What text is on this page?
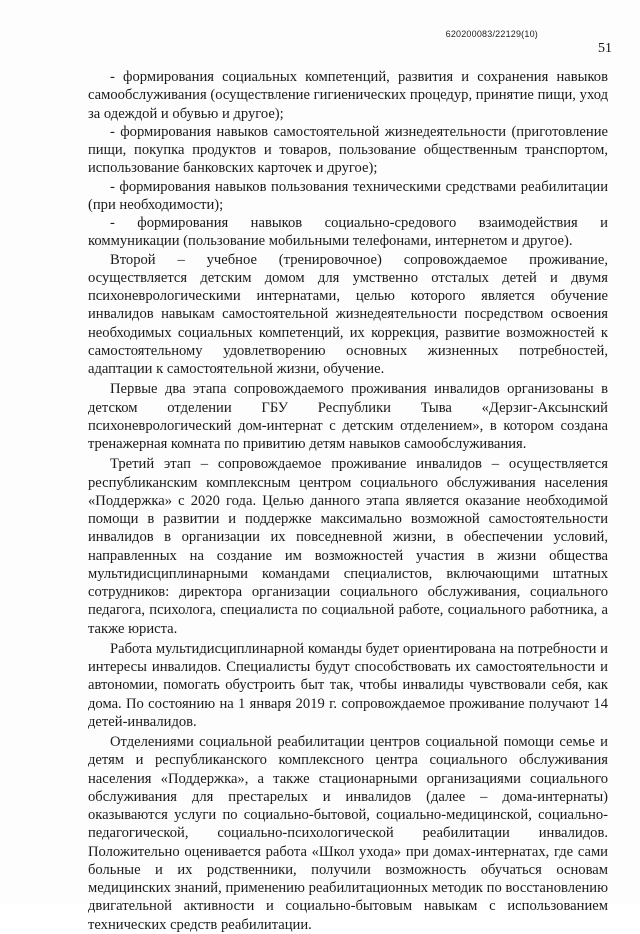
620200083/22129(10)
51

- формирования социальных компетенций, развития и сохранения навыков самообслуживания (осуществление гигиенических процедур, принятие пищи, уход за одеждой и обувью и другое);

- формирования навыков самостоятельной жизнедеятельности (приготовление пищи, покупка продуктов и товаров, пользование общественным транспортом, использование банковских карточек и другое);

- формирования навыков пользования техническими средствами реабилитации (при необходимости);

- формирования навыков социально-средового взаимодействия и коммуникации (пользование мобильными телефонами, интернетом и другое).

Второй – учебное (тренировочное) сопровождаемое проживание, осуществляется детским домом для умственно отсталых детей и двумя психоневрологическими интернатами, целью которого является обучение инвалидов навыкам самостоятельной жизнедеятельности посредством освоения необходимых социальных компетенций, их коррекция, развитие возможностей к самостоятельному удовлетворению основных жизненных потребностей, адаптации к самостоятельной жизни, обучение.

Первые два этапа сопровождаемого проживания инвалидов организованы в детском отделении ГБУ Республики Тыва «Дерзиг-Аксынский психоневрологический дом-интернат с детским отделением», в котором создана тренажерная комната по привитию детям навыков самообслуживания.

Третий этап – сопровождаемое проживание инвалидов – осуществляется республиканским комплексным центром социального обслуживания населения «Поддержка» с 2020 года. Целью данного этапа является оказание необходимой помощи в развитии и поддержке максимально возможной самостоятельности инвалидов в организации их повседневной жизни, в обеспечении условий, направленных на создание им возможностей участия в жизни общества мультидисциплинарными командами специалистов, включающими штатных сотрудников: директора организации социального обслуживания, социального педагога, психолога, специалиста по социальной работе, социального работника, а также юриста.

Работа мультидисциплинарной команды будет ориентирована на потребности и интересы инвалидов. Специалисты будут способствовать их самостоятельности и автономии, помогать обустроить быт так, чтобы инвалиды чувствовали себя, как дома. По состоянию на 1 января 2019 г. сопровождаемое проживание получают 14 детей-инвалидов.

Отделениями социальной реабилитации центров социальной помощи семье и детям и республиканского комплексного центра социального обслуживания населения «Поддержка», а также стационарными организациями социального обслуживания для престарелых и инвалидов (далее – дома-интернаты) оказываются услуги по социально-бытовой, социально-медицинской, социально-педагогической, социально-психологической реабилитации инвалидов. Положительно оценивается работа «Школ ухода» при домах-интернатах, где сами больные и их родственники, получили возможность обучаться основам медицинских знаний, применению реабилитационных методик по восстановлению двигательной активности и социально-бытовым навыкам с использованием технических средств реабилитации.
